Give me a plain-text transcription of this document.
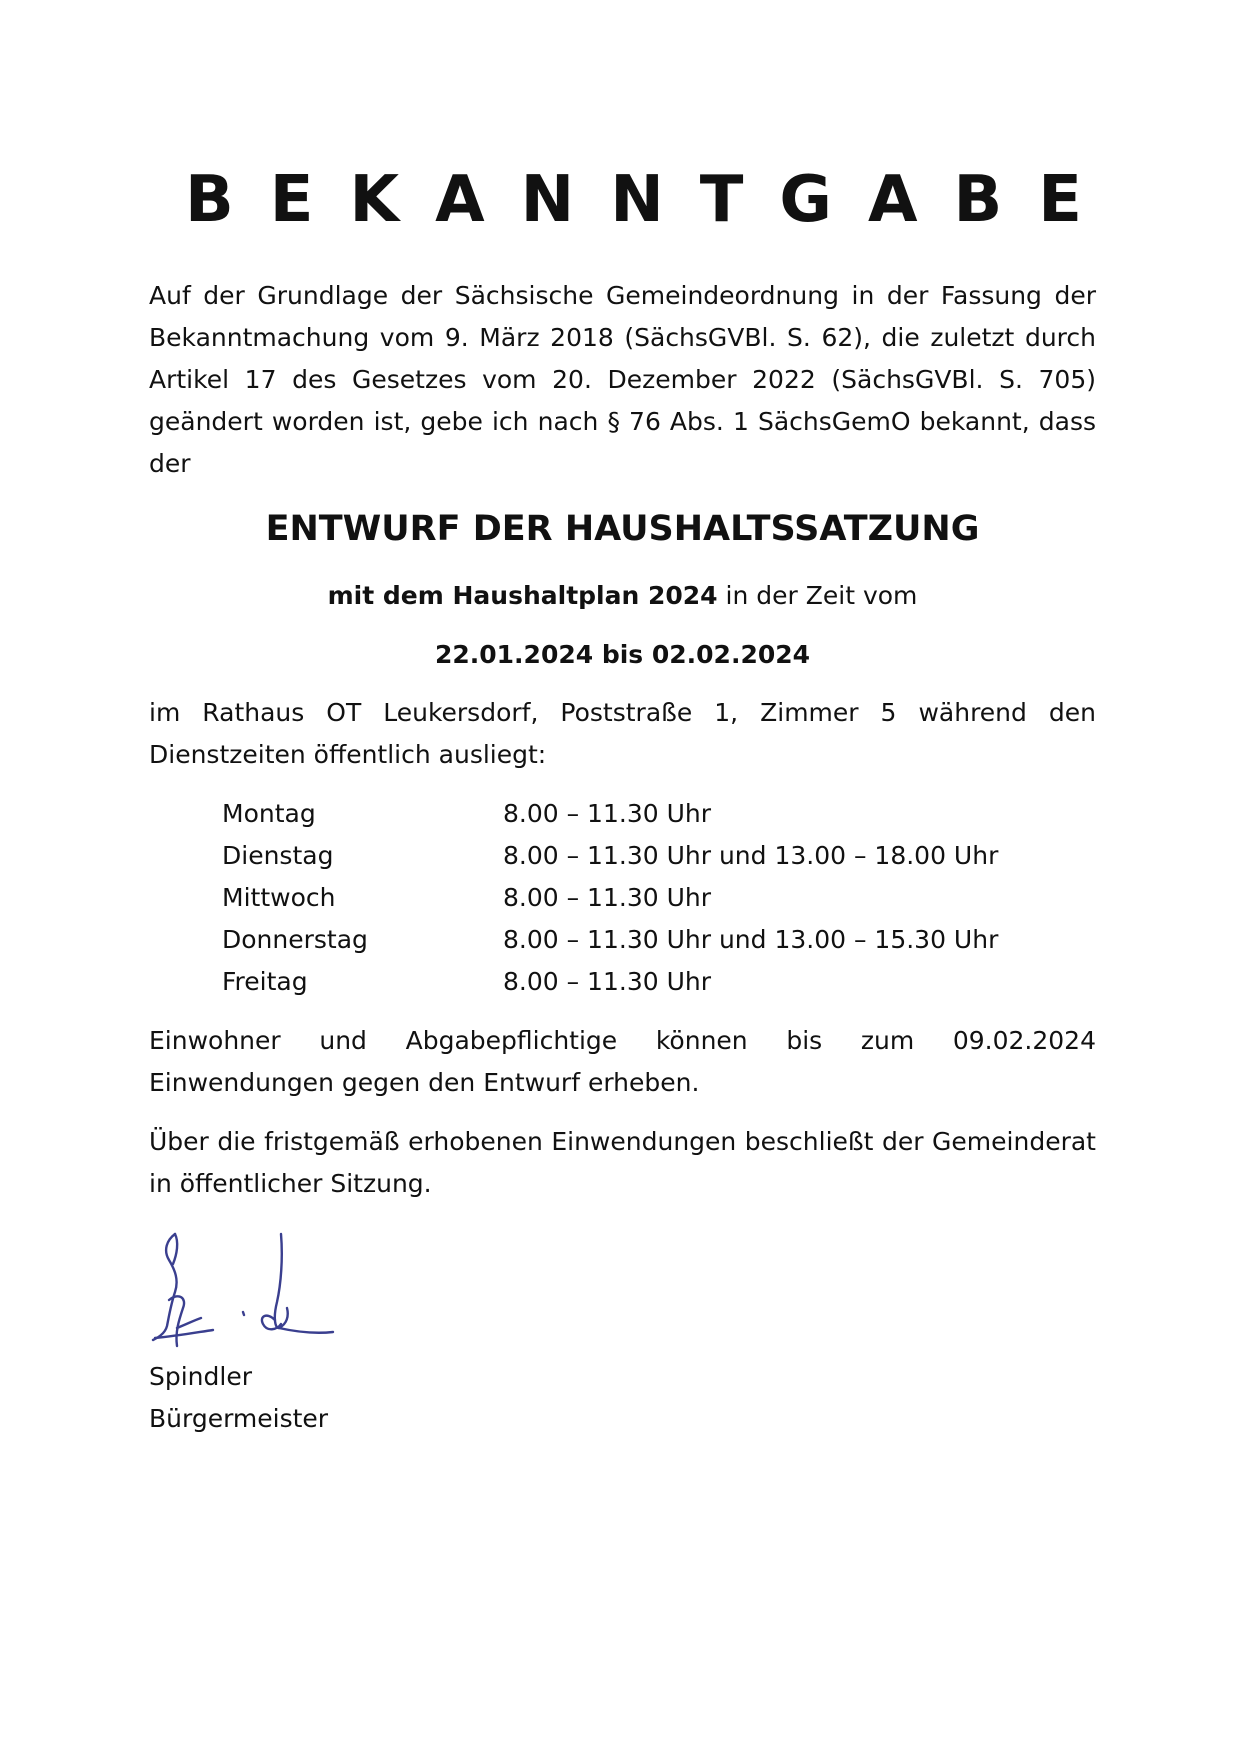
BEKANNTGABE

Auf der Grundlage der Sächsische Gemeindeordnung in der Fassung der Bekanntmachung vom 9. März 2018 (SächsGVBl. S. 62), die zuletzt durch Artikel 17 des Gesetzes vom 20. Dezember 2022 (SächsGVBl. S. 705) geändert worden ist, gebe ich nach § 76 Abs. 1 SächsGemO bekannt, dass der

ENTWURF DER HAUSHALTSSATZUNG

mit dem Haushaltplan 2024 in der Zeit vom

22.01.2024 bis 02.02.2024

im Rathaus OT Leukersdorf, Poststraße 1, Zimmer 5 während den Dienstzeiten öffentlich ausliegt:

Montag	8.00 – 11.30 Uhr
Dienstag	8.00 – 11.30 Uhr und 13.00 – 18.00 Uhr
Mittwoch	8.00 – 11.30 Uhr
Donnerstag	8.00 – 11.30 Uhr und 13.00 – 15.30 Uhr
Freitag	8.00 – 11.30 Uhr

Einwohner und Abgabepflichtige können bis zum 09.02.2024 Einwendungen gegen den Entwurf erheben.

Über die fristgemäß erhobenen Einwendungen beschließt der Gemeinderat in öffentlicher Sitzung.

Spindler
Bürgermeister
